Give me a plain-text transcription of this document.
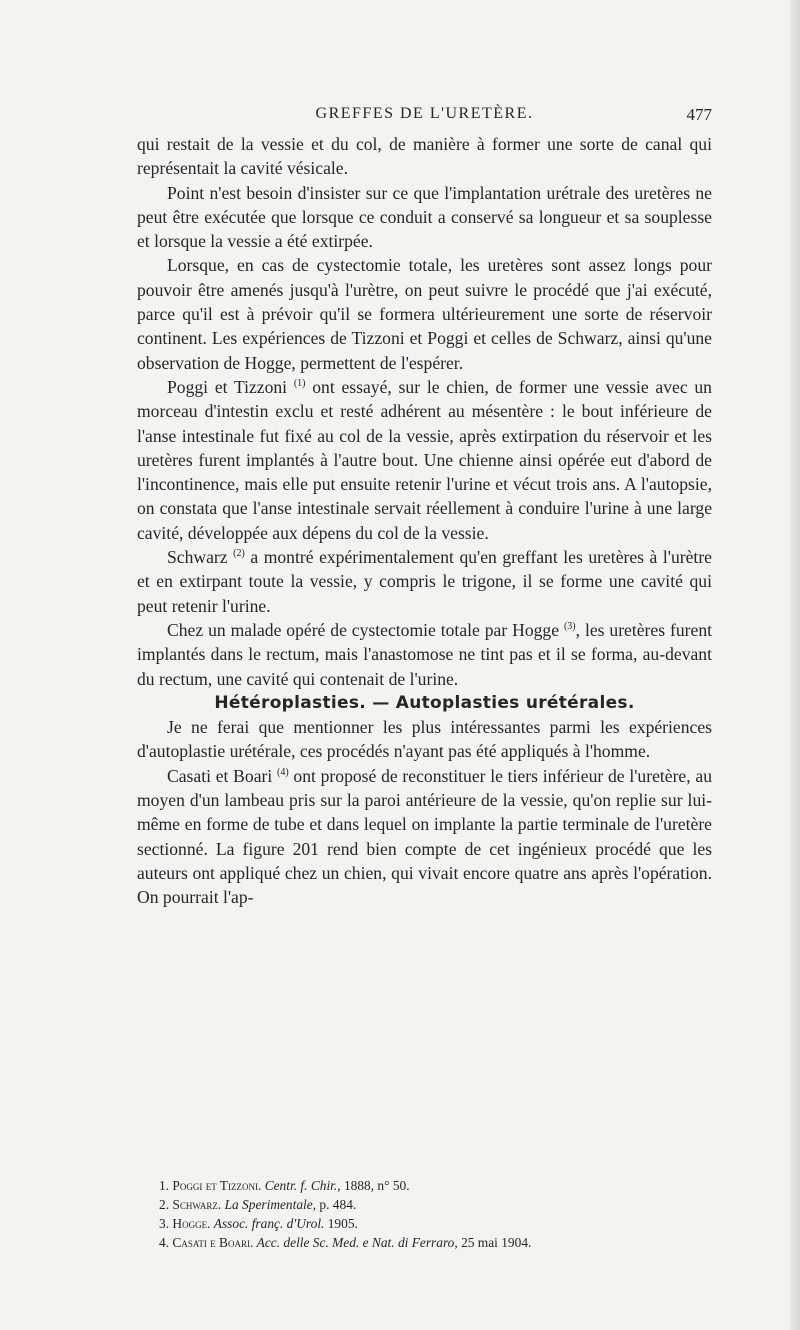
GREFFES DE L'URETÈRE.	477

qui restait de la vessie et du col, de manière à former une sorte de canal qui représentait la cavité vésicale.

Point n'est besoin d'insister sur ce que l'implantation urétrale des uretères ne peut être exécutée que lorsque ce conduit a conservé sa longueur et sa souplesse et lorsque la vessie a été extirpée.

Lorsque, en cas de cystectomie totale, les uretères sont assez longs pour pouvoir être amenés jusqu'à l'urètre, on peut suivre le procédé que j'ai exécuté, parce qu'il est à prévoir qu'il se formera ultérieurement une sorte de réservoir continent. Les expériences de Tizzoni et Poggi et celles de Schwarz, ainsi qu'une observation de Hogge, permettent de l'espérer.

Poggi et Tizzoni $^{(1)}$ ont essayé, sur le chien, de former une vessie avec un morceau d'intestin exclu et resté adhérent au mésentère : le bout inférieure de l'anse intestinale fut fixé au col de la vessie, après extirpation du réservoir et les uretères furent implantés à l'autre bout. Une chienne ainsi opérée eut d'abord de l'incontinence, mais elle put ensuite retenir l'urine et vécut trois ans. A l'autopsie, on constata que l'anse intestinale servait réellement à conduire l'urine à une large cavité, développée aux dépens du col de la vessie.

Schwarz $^{(2)}$ a montré expérimentalement qu'en greffant les uretères à l'urètre et en extirpant toute la vessie, y compris le trigone, il se forme une cavité qui peut retenir l'urine.

Chez un malade opéré de cystectomie totale par Hogge $^{(3)}$, les uretères furent implantés dans le rectum, mais l'anastomose ne tint pas et il se forma, au-devant du rectum, une cavité qui contenait de l'urine.

Hétéroplasties. — Autoplasties urétérales.

Je ne ferai que mentionner les plus intéressantes parmi les expériences d'autoplastie urétérale, ces procédés n'ayant pas été appliqués à l'homme.

Casati et Boari $^{(4)}$ ont proposé de reconstituer le tiers inférieur de l'uretère, au moyen d'un lambeau pris sur la paroi antérieure de la vessie, qu'on replie sur lui-même en forme de tube et dans lequel on implante la partie terminale de l'uretère sectionné. La figure 201 rend bien compte de cet ingénieux procédé que les auteurs ont appliqué chez un chien, qui vivait encore quatre ans après l'opération. On pourrait l'ap-

1. Poggi et Tizzoni. Centr. f. Chir., 1888, n° 50.

2. Schwarz. La Sperimentale, p. 484.

3. Hogge. Assoc. franç. d'Urol. 1905.

4. Casati e Boari. Acc. delle Sc. Med. e Nat. di Ferraro, 25 mai 1904.
